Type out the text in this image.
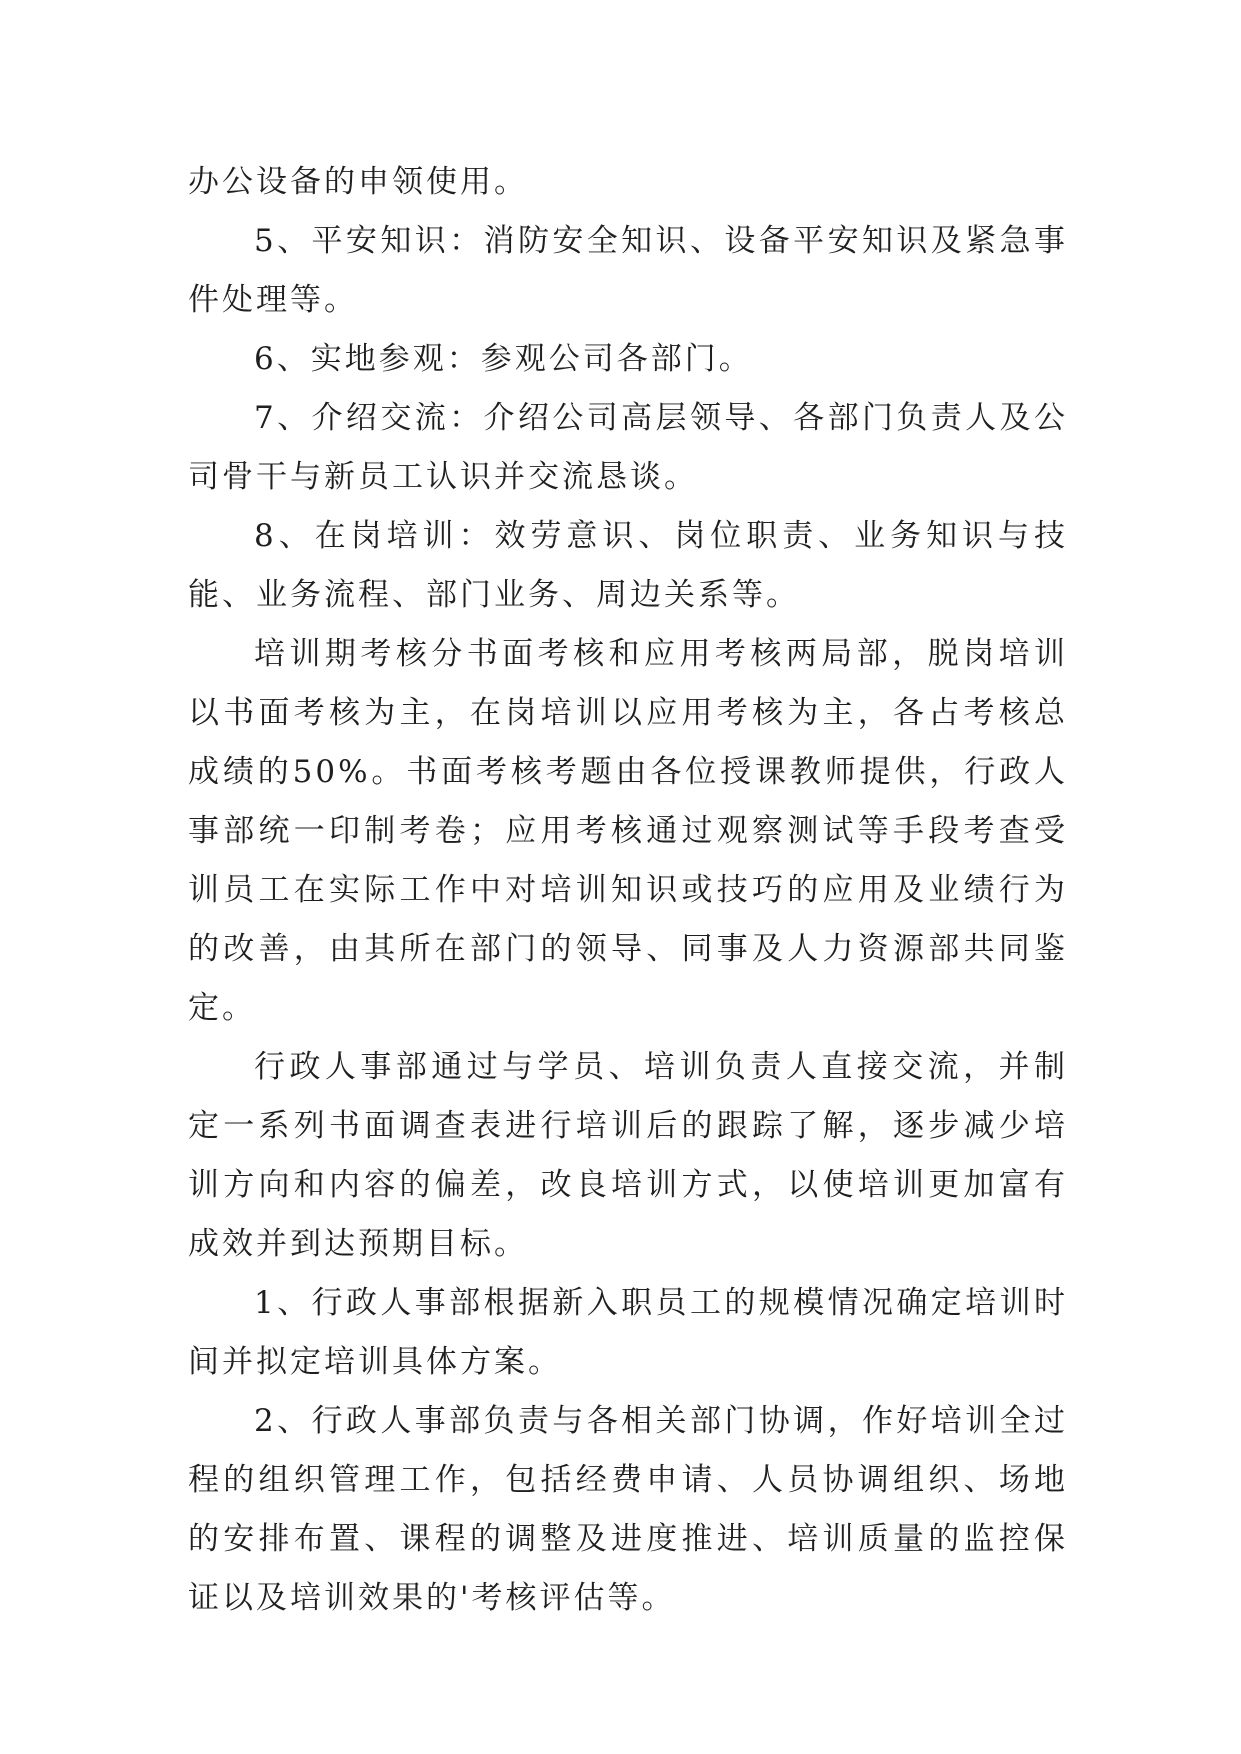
办公设备的申领使用。

5、平安知识：消防安全知识、设备平安知识及紧急事件处理等。

6、实地参观：参观公司各部门。

7、介绍交流：介绍公司高层领导、各部门负责人及公司骨干与新员工认识并交流恳谈。

8、在岗培训：效劳意识、岗位职责、业务知识与技能、业务流程、部门业务、周边关系等。

培训期考核分书面考核和应用考核两局部，脱岗培训以书面考核为主，在岗培训以应用考核为主，各占考核总成绩的50%。书面考核考题由各位授课教师提供，行政人事部统一印制考卷；应用考核通过观察测试等手段考查受训员工在实际工作中对培训知识或技巧的应用及业绩行为的改善，由其所在部门的领导、同事及人力资源部共同鉴定。

行政人事部通过与学员、培训负责人直接交流，并制定一系列书面调查表进行培训后的跟踪了解，逐步减少培训方向和内容的偏差，改良培训方式，以使培训更加富有成效并到达预期目标。

1、行政人事部根据新入职员工的规模情况确定培训时间并拟定培训具体方案。

2、行政人事部负责与各相关部门协调，作好培训全过程的组织管理工作，包括经费申请、人员协调组织、场地的安排布置、课程的调整及进度推进、培训质量的监控保证以及培训效果的'考核评估等。
